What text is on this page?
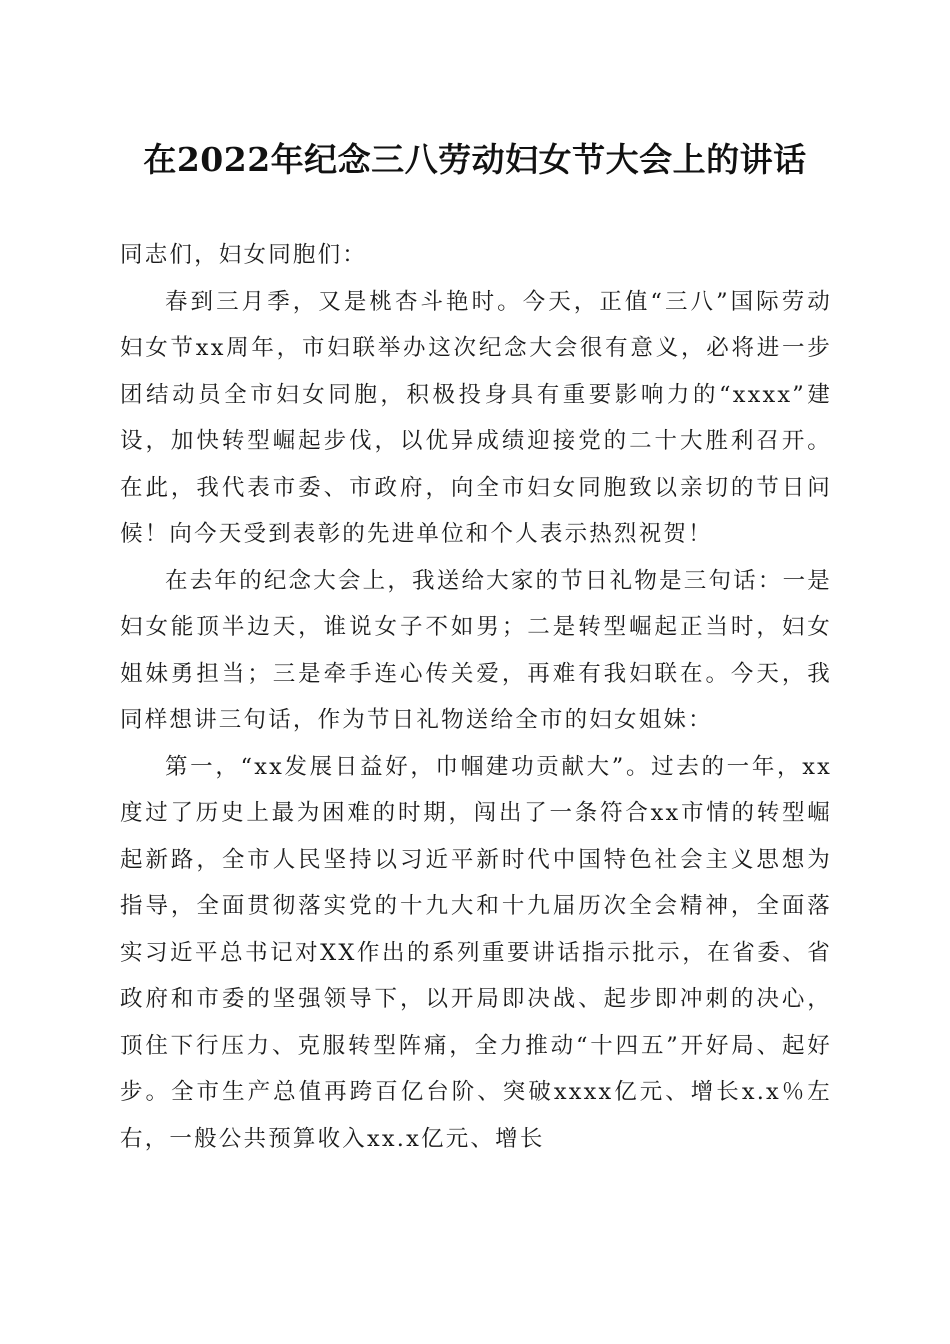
在2022年纪念三八劳动妇女节大会上的讲话

同志们，妇女同胞们：

春到三月季，又是桃杏斗艳时。今天，正值“三八”国际劳动妇女节xx周年，市妇联举办这次纪念大会很有意义，必将进一步团结动员全市妇女同胞，积极投身具有重要影响力的“xxxx”建设，加快转型崛起步伐，以优异成绩迎接党的二十大胜利召开。在此，我代表市委、市政府，向全市妇女同胞致以亲切的节日问候！向今天受到表彰的先进单位和个人表示热烈祝贺！

在去年的纪念大会上，我送给大家的节日礼物是三句话：一是妇女能顶半边天，谁说女子不如男；二是转型崛起正当时，妇女姐妹勇担当；三是牵手连心传关爱，再难有我妇联在。今天，我同样想讲三句话，作为节日礼物送给全市的妇女姐妹：

第一，“xx发展日益好，巾帼建功贡献大”。过去的一年，xx度过了历史上最为困难的时期，闯出了一条符合xx市情的转型崛起新路，全市人民坚持以习近平新时代中国特色社会主义思想为指导，全面贯彻落实党的十九大和十九届历次全会精神，全面落实习近平总书记对XX作出的系列重要讲话指示批示，在省委、省政府和市委的坚强领导下，以开局即决战、起步即冲刺的决心，顶住下行压力、克服转型阵痛，全力推动“十四五”开好局、起好步。全市生产总值再跨百亿台阶、突破xxxx亿元、增长x.x％左右，一般公共预算收入xx.x亿元、增长
